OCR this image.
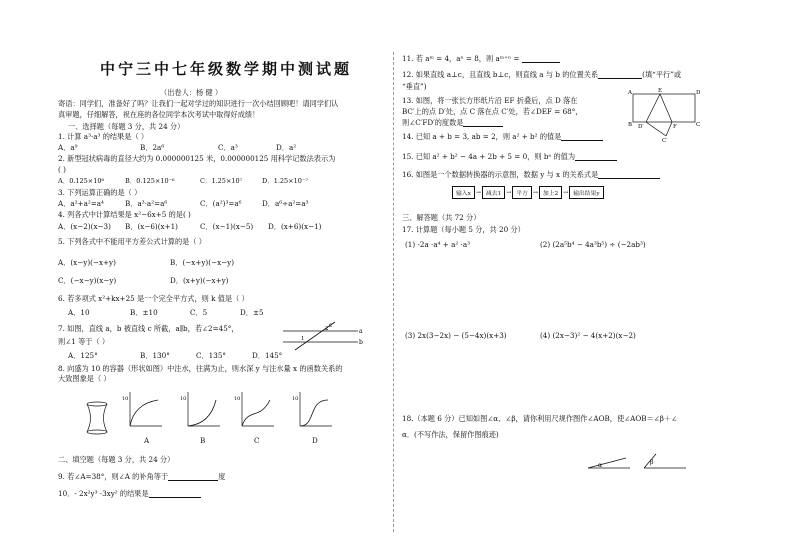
中宁三中七年级数学期中测试题
（出卷人：杨 健 ）
寄语：同学们，准备好了吗？让我们一起对学过的知识进行一次小结回顾吧！请同学们认
真审题，仔细解答，祝在座的各位同学本次考试中取得好成绩！
一、选择题（每题 3 分，共 24 分）
1. 计算 a³·a³ 的结果是（ ）
A．a⁹	B．2a⁶	C．a³	D．a²
2. 新型冠状病毒的直径大约为 0.000000125 米，0.000000125 用科学记数法表示为
( )
A．0.125×10⁶	B．0.125×10⁻⁶	C．1.25×10⁷	D．1.25×10⁻⁷
3. 下列运算正确的是（ ）
A．a²+a²=a⁴	B．a³·a²=a⁶	C．(a²)³=a⁶	D．a⁶÷a²=a³
4. 列各式中计算结果是 x²−6x+5 的是( )
A．(x−2)(x−3) B．(x−6)(x+1)	C．(x−1)(x−5) D．(x+6)(x−1)
5. 下列各式中不能用平方差公式计算的是（ ）
A．(x−y)(−x+y)	B．(−x+y)(−x−y)
C．(−x−y)(x−y)	D．(x+y)(−x+y)
6. 若多项式 x²+kx+25 是一个完全平方式，则 k 值是（ ）
A．10	B．±10	C．5	D．±5
7. 如图，直线 a，b 被直线 c 所截，a∥b，若∠2=45°，
则∠1 等于（ ）
A．125°	B．130°	C．135°	D．145°
a
b
c
1
2
8. 向盛为 10 的容器（形状如图）中注水，往满为止，则水深 y 与注水量 x 的函数关系的
大致图象是（ ）
10	10	10	10
A	B	C	D
二、填空题（每题 3 分，共 24 分）
9. 若∠A=38°，则∠A 的补角等于	度
10．- 2x²y³ ·3xy² 的结果是
11. 若 aᵐ = 4，aⁿ = 8，则 aᵐ⁺ⁿ =
12. 如果直线 a⊥c，且直线 b⊥c，则直线 a 与 b 的位置关系	(填“平行”或
“垂直”)
13. 如图，将一张长方形纸片沿 EF 折叠后，点 D 落在
BC′上的点 D′处，点 C 落在点 C′处，若∠DEF = 68°，
则∠C′FD′的度数是
A	E	D
B D′	F	C
C′
14. 已知 a + b = 3, ab = 2，则 a² + b² 的值是
15. 已知 a² + b² − 4a + 2b + 5 = 0，则 bᵃ 的值为
16. 如图是一个数据转换器的示意图，数据 y 与 x 的关系式是
输入x → 减去1 → 平方 → 加上2 → 输出结果y
三、解答题（共 72 分）
17. 计算题（每小题 5 分，共 20 分）
(1) -2a ·a⁴ + a² ·a³	(2) (2a⁵b⁴ − 4a³b⁵) ÷ (−2ab³)
(3) 2x(3−2x) − (5−4x)(x+3)	(4) (2x−3)² − 4(x+2)(x−2)
18.（本题 6 分）已知如图∠α、∠β，请你利用尺规作图作∠AOB，使∠AOB＝∠β＋∠
α．(不写作法，保留作图痕迹)
α	β
